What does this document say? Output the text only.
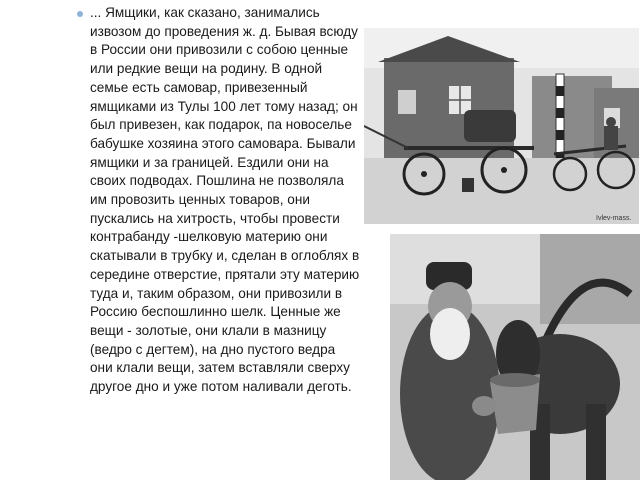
... Ямщики, как сказано, занимались извозом до проведения ж. д. Бывая всюду в России они привозили с собою ценные или редкие вещи на родину. В одной семье есть самовар, привезенный ямщиками из Тулы 100 лет тому назад; он был привезен, как подарок, па новоселье бабушке хозяина этого самовара. Бывали ямщики и за границей. Ездили они на своих подводах. Пошлина не позволяла им провозить ценных товаров, они пускались на хитрость, чтобы провести контрабанду -шелковую материю они скатывали в трубку и, сделан в оглоблях в середине отверстие, прятали эту материю туда и, таким образом, они привозили в Россию беспошлинно шелк. Ценные же вещи - золотые, они клали в мазницу (ведро с дегтем), на дно пустого ведра они клали вещи, затем вставляли сверху другое дно и уже потом наливали деготь.
Ivlev-mass.
